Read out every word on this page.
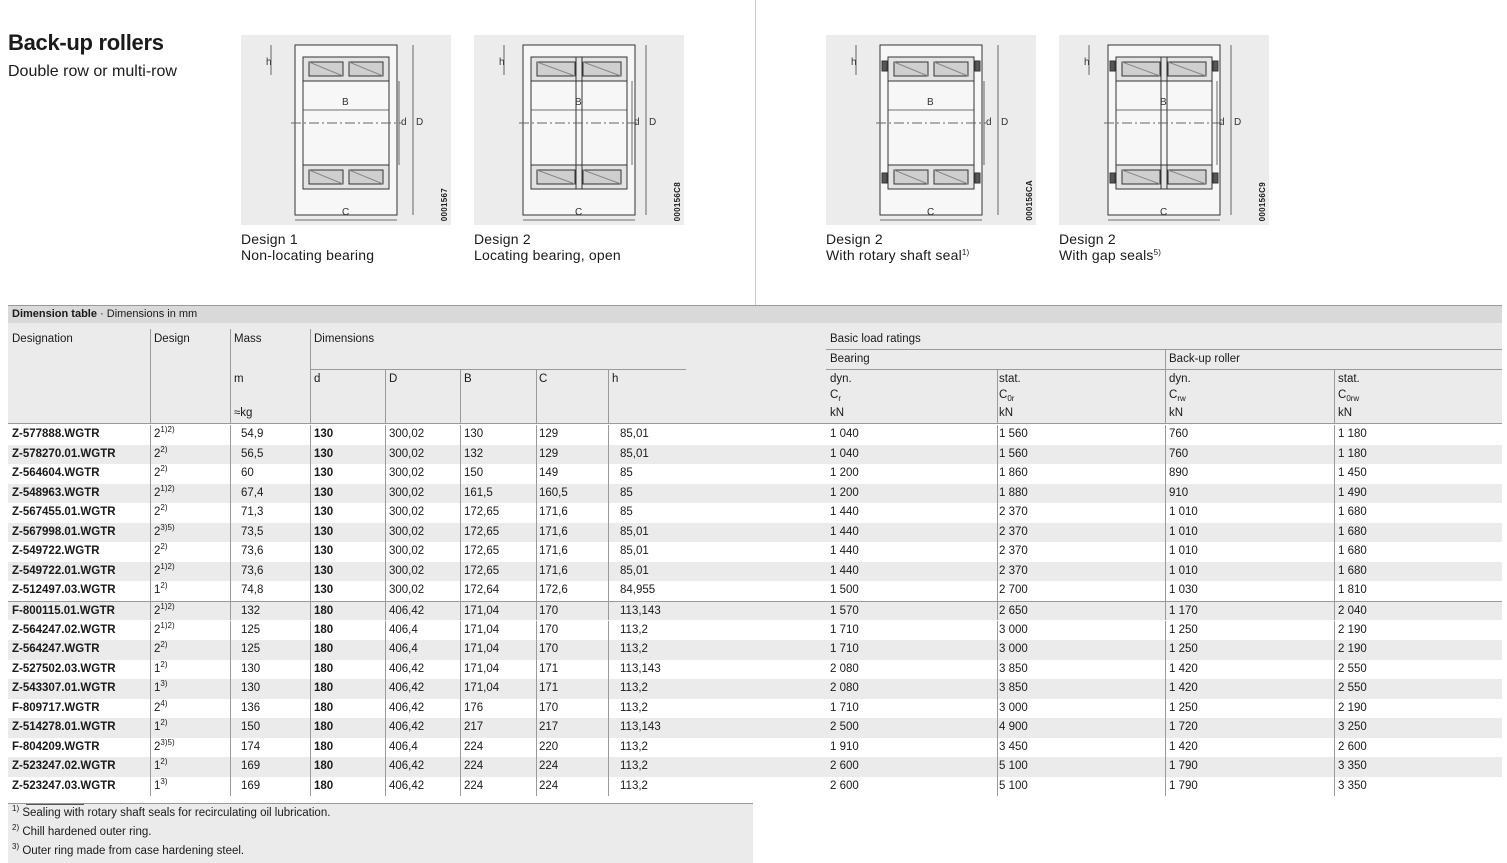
Back-up rollers
Double row or multi-row
h
B
d D
C	0001567
Design 1
Non-locating bearing
h
B
d D
C	000156C8
Design 2
Locating bearing, open
h
B
d D
C	000156CA
Design 2
With rotary shaft seal$^{1)}$
h
B
d D
C	000156C9
Design 2
With gap seals$^{5)}$
Dimension table · Dimensions in mm
Designation	Design	Mass
m
≈kg
Dimensions
d	D	B	C	h
Basic load ratings
Bearing	Back-up roller
dyn.
$C_r$
kN
stat.
$C_{0r}$
kN
dyn.
$C_{rw}$
kN
stat.
$C_{0rw}$
kN
Z-577888.WGTR	$2^{1)2)}$	54,9	130	300,02	130	129	85,01	1 040	1 560	760	1 180
Z-578270.01.WGTR	2$^{2)}$	56,5	130	300,02	132	129	85,01	1 040	1 560	760	1 180
Z-564604.WGTR	2$^{2)}$	60	130	300,02	150	149	85	1 200	1 860	890	1 450
Z-548963.WGTR	$2^{1)2)}$	67,4	130	300,02	161,5	160,5	85	1 200	1 880	910	1 490
Z-567455.01.WGTR	2$^{2)}$	71,3	130	300,02	172,65	171,6	85	1 440	2 370	1 010	1 680
Z-567998.01.WGTR	$2^{3)5)}$	73,5	130	300,02	172,65	171,6	85,01	1 440	2 370	1 010	1 680
Z-549722.WGTR	2$^{2)}$	73,6	130	300,02	172,65	171,6	85,01	1 440	2 370	1 010	1 680
Z-549722.01.WGTR	$2^{1)2)}$	73,6	130	300,02	172,65	171,6	85,01	1 440	2 370	1 010	1 680
Z-512497.03.WGTR	1$^{2)}$	74,8	130	300,02	172,64	172,6	84,955	1 500	2 700	1 030	1 810
F-800115.01.WGTR	$2^{1)2)}$	132	180	406,42	171,04	170	113,143	1 570	2 650	1 170	2 040
Z-564247.02.WGTR	$2^{1)2)}$	125	180	406,4	171,04	170	113,2	1 710	3 000	1 250	2 190
Z-564247.WGTR	2$^{2)}$	125	180	406,4	171,04	170	113,2	1 710	3 000	1 250	2 190
Z-527502.03.WGTR	1$^{2)}$	130	180	406,42	171,04	171	113,143	2 080	3 850	1 420	2 550
Z-543307.01.WGTR	1$^{3)}$	130	180	406,42	171,04	171	113,2	2 080	3 850	1 420	2 550
F-809717.WGTR	2$^{4)}$	136	180	406,42	176	170	113,2	1 710	3 000	1 250	2 190
Z-514278.01.WGTR	1$^{2)}$	150	180	406,42	217	217	113,143	2 500	4 900	1 720	3 250
F-804209.WGTR	$2^{3)5)}$	174	180	406,4	224	220	113,2	1 910	3 450	1 420	2 600
Z-523247.02.WGTR	1$^{2)}$	169	180	406,42	224	224	113,2	2 600	5 100	1 790	3 350
Z-523247.03.WGTR	1$^{3)}$	169	180	406,42	224	224	113,2	2 600	5 100	1 790	3 350
$^{1)}$ Sealing with rotary shaft seals for recirculating oil lubrication.
$^{2)}$ Chill hardened outer ring.
$^{3)}$ Outer ring made from case hardening steel.
